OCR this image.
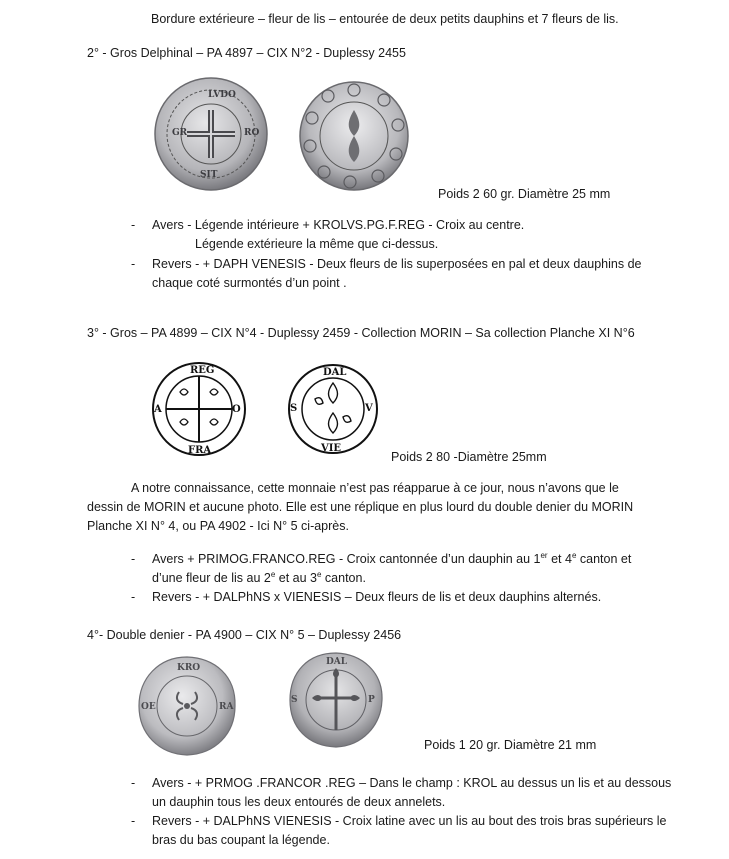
Bordure extérieure – fleur de lis – entourée de deux petits dauphins et 7 fleurs de lis.
2° - Gros Delphinal – PA 4897 – CIX N°2 - Duplessy 2455
LVDO
RO
GR
SIT
Poids 2 60 gr. Diamètre 25 mm
- Avers - Légende intérieure + KROLVS.PG.F.REG - Croix au centre.
Légende extérieure la même que ci-dessus.
- Revers - + DAPH VENESIS - Deux fleurs de lis superposées en pal et deux dauphins de
chaque coté surmontés d’un point .
3° - Gros – PA 4899 – CIX N°4 - Duplessy 2459 - Collection MORIN – Sa collection Planche XI N°6
REG
O
A
FRA
DAL
V
S
VIE
Poids 2 80 -Diamètre 25mm
A notre connaissance, cette monnaie n’est pas réapparue à ce jour, nous n’avons que le
dessin de MORIN et aucune photo. Elle est une réplique en plus lourd du double denier du MORIN
Planche XI N° 4, ou PA 4902 - Ici N° 5 ci-après.
- Avers + PRIMOG.FRANCO.REG - Croix cantonnée d’un dauphin au 1er et 4e canton et
d’une fleur de lis au 2e et au 3e canton.
- Revers - + DALPhNS x VIENESIS – Deux fleurs de lis et deux dauphins alternés.
4°- Double denier - PA 4900 – CIX N° 5 – Duplessy 2456
KRO
RA
OE
DAL
P
S
Poids 1 20 gr. Diamètre 21 mm
- Avers - + PRMOG .FRANCOR .REG – Dans le champ : KROL au dessus un lis et au dessous
un dauphin tous les deux entourés de deux annelets.
- Revers - + DALPhNS VIENESIS - Croix latine avec un lis au bout des trois bras supérieurs le
bras du bas coupant la légende.
